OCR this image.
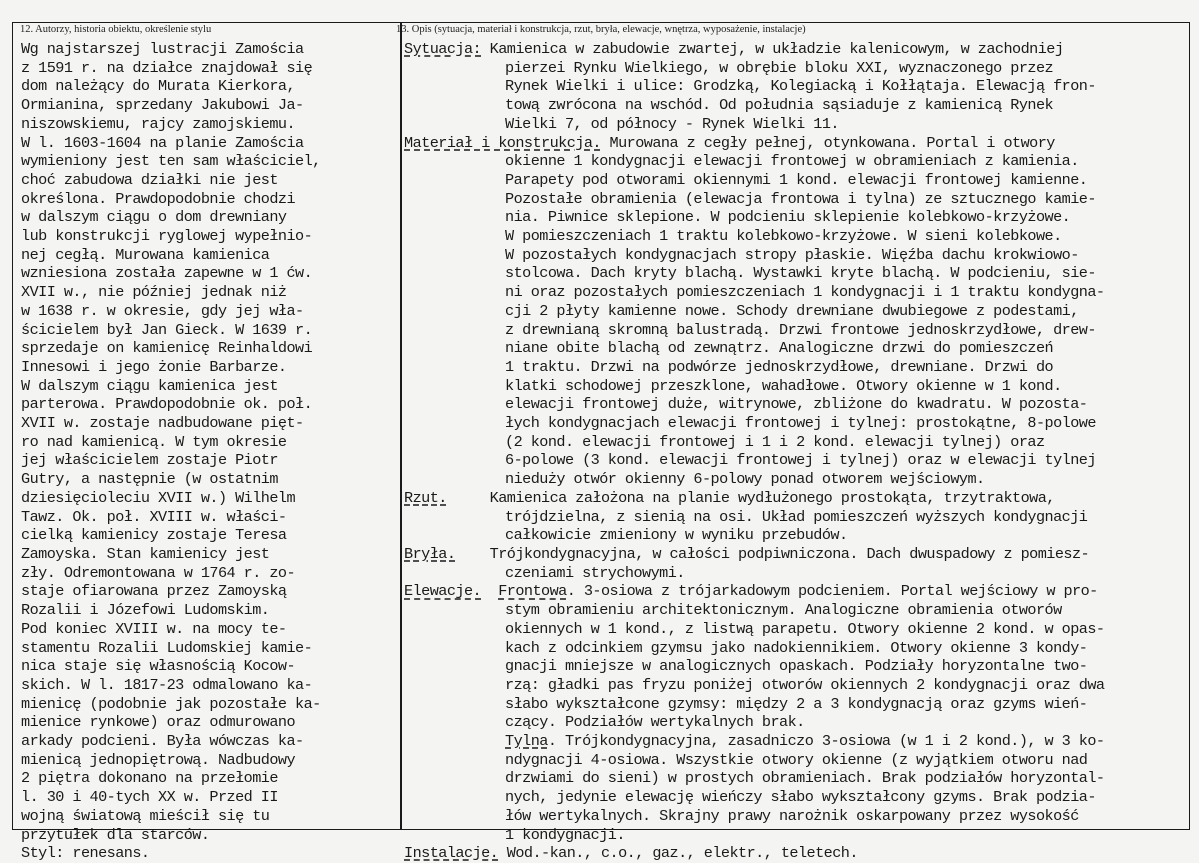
12. Autorzy, historia obiektu, określenie stylu	13. Opis (sytuacja, materiał i konstrukcja, rzut, bryła, elewacje, wnętrza, wyposażenie, instalacje)
Wg najstarszej lustracji Zamościa
z 1591 r. na działce znajdował się
dom należący do Murata Kierkora,
Ormianina, sprzedany Jakubowi Ja-
niszowskiemu, rajcy zamojskiemu.
W l. 1603-1604 na planie Zamościa
wymieniony jest ten sam właściciel,
choć zabudowa działki nie jest
określona. Prawdopodobnie chodzi
w dalszym ciągu o dom drewniany
lub konstrukcji ryglowej wypełnio-
nej cegłą. Murowana kamienica
wzniesiona została zapewne w 1 ćw.
XVII w., nie później jednak niż
w 1638 r. w okresie, gdy jej wła-
ścicielem był Jan Gieck. W 1639 r.
sprzedaje on kamienicę Reinhaldowi
Innesowi i jego żonie Barbarze.
W dalszym ciągu kamienica jest
parterowa. Prawdopodobnie ok. poł.
XVII w. zostaje nadbudowane pięt-
ro nad kamienicą. W tym okresie
jej właścicielem zostaje Piotr
Gutry, a następnie (w ostatnim
dziesięcioleciu XVII w.) Wilhelm
Tawz. Ok. poł. XVIII w. właści-
cielką kamienicy zostaje Teresa
Zamoyska. Stan kamienicy jest
zły. Odremontowana w 1764 r. zo-
staje ofiarowana przez Zamoyską
Rozalii i Józefowi Ludomskim.
Pod koniec XVIII w. na mocy te-
stamentu Rozalii Ludomskiej kamie-
nica staje się własnością Kocow-
skich. W l. 1817-23 odmalowano ka-
mienicę (podobnie jak pozostałe ka-
mienice rynkowe) oraz odmurowano
arkady podcieni. Była wówczas ka-
mienicą jednopiętrową. Nadbudowy
2 piętra dokonano na przełomie
l. 30 i 40-tych XX w. Przed II
wojną światową mieścił się tu
przytułek dla starców.
Styl: renesans.
Sytuacja: Kamienica w zabudowie zwartej, w układzie kalenicowym, w zachodniej
pierzei Rynku Wielkiego, w obrębie bloku XXI, wyznaczonego przez
Rynek Wielki i ulice: Grodzką, Kolegiacką i Kołłątaja. Elewacją fron-
tową zwrócona na wschód. Od południa sąsiaduje z kamienicą Rynek
Wielki 7, od północy - Rynek Wielki 11.
Materiał i konstrukcja. Murowana z cegły pełnej, otynkowana. Portal i otwory
okienne 1 kondygnacji elewacji frontowej w obramieniach z kamienia.
Parapety pod otworami okiennymi 1 kond. elewacji frontowej kamienne.
Pozostałe obramienia (elewacja frontowa i tylna) ze sztucznego kamie-
nia. Piwnice sklepione. W podcieniu sklepienie kolebkowo-krzyżowe.
W pomieszczeniach 1 traktu kolebkowo-krzyżowe. W sieni kolebkowe.
W pozostałych kondygnacjach stropy płaskie. Więźba dachu krokwiowo-
stolcowa. Dach kryty blachą. Wystawki kryte blachą. W podcieniu, sie-
ni oraz pozostałych pomieszczeniach 1 kondygnacji i 1 traktu kondygna-
cji 2 płyty kamienne nowe. Schody drewniane dwubiegowe z podestami,
z drewnianą skromną balustradą. Drzwi frontowe jednoskrzydłowe, drew-
niane obite blachą od zewnątrz. Analogiczne drzwi do pomieszczeń
1 traktu. Drzwi na podwórze jednoskrzydłowe, drewniane. Drzwi do
klatki schodowej przeszklone, wahadłowe. Otwory okienne w 1 kond.
elewacji frontowej duże, witrynowe, zbliżone do kwadratu. W pozosta-
łych kondygnacjach elewacji frontowej i tylnej: prostokątne, 8-polowe
(2 kond. elewacji frontowej i 1 i 2 kond. elewacji tylnej) oraz
6-polowe (3 kond. elewacji frontowej i tylnej) oraz w elewacji tylnej
nieduży otwór okienny 6-polowy ponad otworem wejściowym.
Rzut.     Kamienica założona na planie wydłużonego prostokąta, trzytraktowa,
trójdzielna, z sienią na osi. Układ pomieszczeń wyższych kondygnacji
całkowicie zmieniony w wyniku przebudów.
Bryła.    Trójkondygnacyjna, w całości podpiwniczona. Dach dwuspadowy z pomiesz-
czeniami strychowymi.
Elewacje. Frontowa. 3-osiowa z trójarkadowym podcieniem. Portal wejściowy w pro-
stym obramieniu architektonicznym. Analogiczne obramienia otworów
okiennych w 1 kond., z listwą parapetu. Otwory okienne 2 kond. w opas-
kach z odcinkiem gzymsu jako nadokiennikiem. Otwory okienne 3 kondy-
gnacji mniejsze w analogicznych opaskach. Podziały horyzontalne two-
rzą: gładki pas fryzu poniżej otworów okiennych 2 kondygnacji oraz dwa
słabo wykształcone gzymsy: między 2 a 3 kondygnacją oraz gzyms wień-
czący. Podziałów wertykalnych brak.
Tylna. Trójkondygnacyjna, zasadniczo 3-osiowa (w 1 i 2 kond.), w 3 ko-
ndygnacji 4-osiowa. Wszystkie otwory okienne (z wyjątkiem otworu nad
drzwiami do sieni) w prostych obramieniach. Brak podziałów horyzontal-
nych, jedynie elewację wieńczy słabo wykształcony gzyms. Brak podzia-
łów wertykalnych. Skrajny prawy narożnik oskarpowany przez wysokość
1 kondygnacji.
Instalacje. Wod.-kan., c.o., gaz., elektr., teletech.
